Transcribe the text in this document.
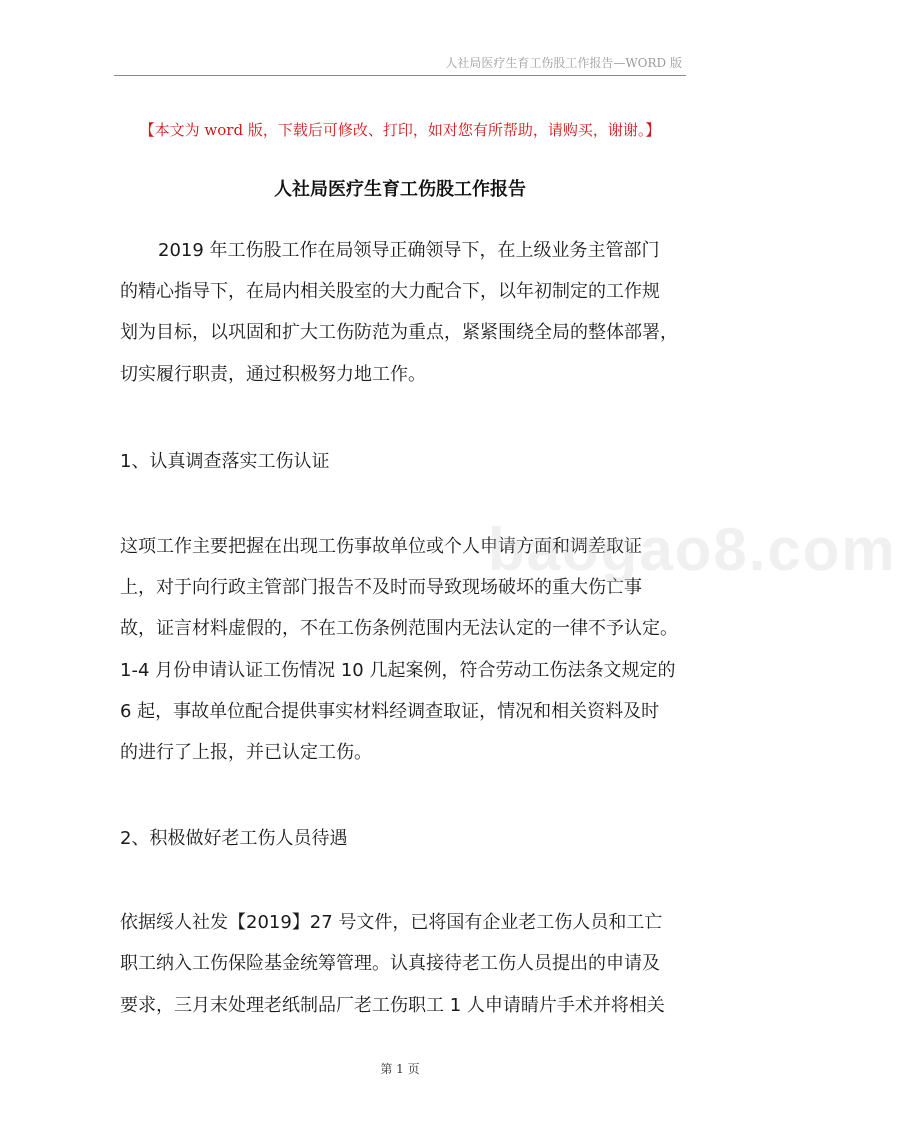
人社局医疗生育工伤股工作报告—WORD 版
【本文为 word 版，下载后可修改、打印，如对您有所帮助，请购买，谢谢。】
人社局医疗生育工伤股工作报告
2019 年工伤股工作在局领导正确领导下，在上级业务主管部门
的精心指导下，在局内相关股室的大力配合下，以年初制定的工作规
划为目标，以巩固和扩大工伤防范为重点，紧紧围绕全局的整体部署，
切实履行职责，通过积极努力地工作。
1、认真调查落实工伤认证
这项工作主要把握在出现工伤事故单位或个人申请方面和调差取证
上，对于向行政主管部门报告不及时而导致现场破坏的重大伤亡事
故，证言材料虚假的，不在工伤条例范围内无法认定的一律不予认定。
1-4 月份申请认证工伤情况 10 几起案例，符合劳动工伤法条文规定的
6 起，事故单位配合提供事实材料经调查取证，情况和相关资料及时
的进行了上报，并已认定工伤。
2、积极做好老工伤人员待遇
依据绥人社发【2019】27 号文件，已将国有企业老工伤人员和工亡
职工纳入工伤保险基金统筹管理。认真接待老工伤人员提出的申请及
要求，三月末处理老纸制品厂老工伤职工 1 人申请睛片手术并将相关
baogao8.com
第 1 页
